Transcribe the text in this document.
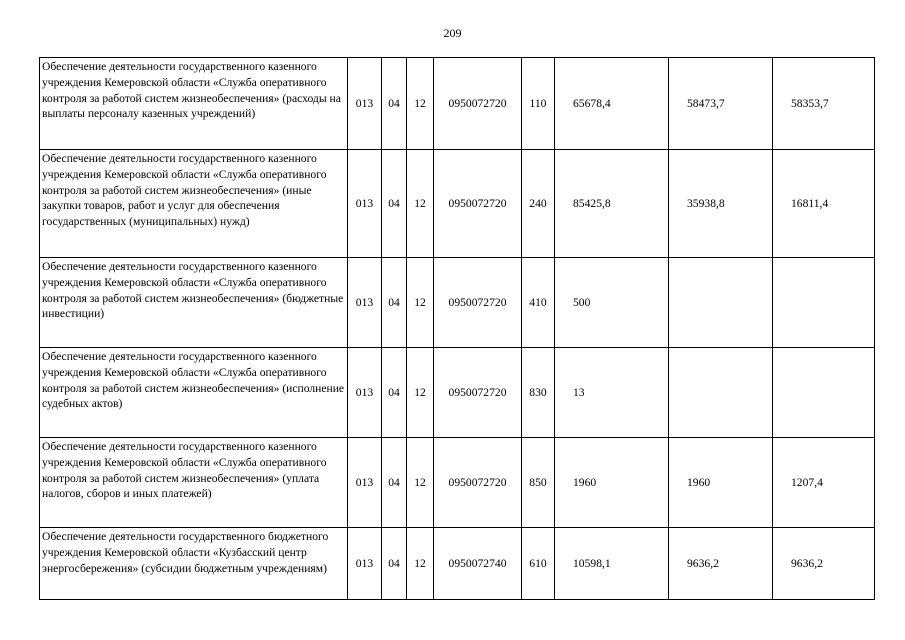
209
Обеспечение деятельности государственного казенного учреждения Кемеровской области «Служба оперативного контроля за работой систем жизнеобеспечения» (расходы на выплаты персоналу казенных учреждений)	013	04	12	0950072720	110	65678,4	58473,7	58353,7
Обеспечение деятельности государственного казенного учреждения Кемеровской области «Служба оперативного контроля за работой систем жизнеобеспечения» (иные закупки товаров, работ и услуг для обеспечения государственных (муниципальных) нужд)	013	04	12	0950072720	240	85425,8	35938,8	16811,4
Обеспечение деятельности государственного казенного учреждения Кемеровской области «Служба оперативного контроля за работой систем жизнеобеспечения» (бюджетные инвестиции)	013	04	12	0950072720	410	500		
Обеспечение деятельности государственного казенного учреждения Кемеровской области «Служба оперативного контроля за работой систем жизнеобеспечения» (исполнение судебных актов)	013	04	12	0950072720	830	13		
Обеспечение деятельности государственного казенного учреждения Кемеровской области «Служба оперативного контроля за работой систем жизнеобеспечения» (уплата налогов, сборов и иных платежей)	013	04	12	0950072720	850	1960	1960	1207,4
Обеспечение деятельности государственного бюджетного учреждения Кемеровской области «Кузбасский центр энергосбережения» (субсидии бюджетным учреждениям)	013	04	12	0950072740	610	10598,1	9636,2	9636,2
